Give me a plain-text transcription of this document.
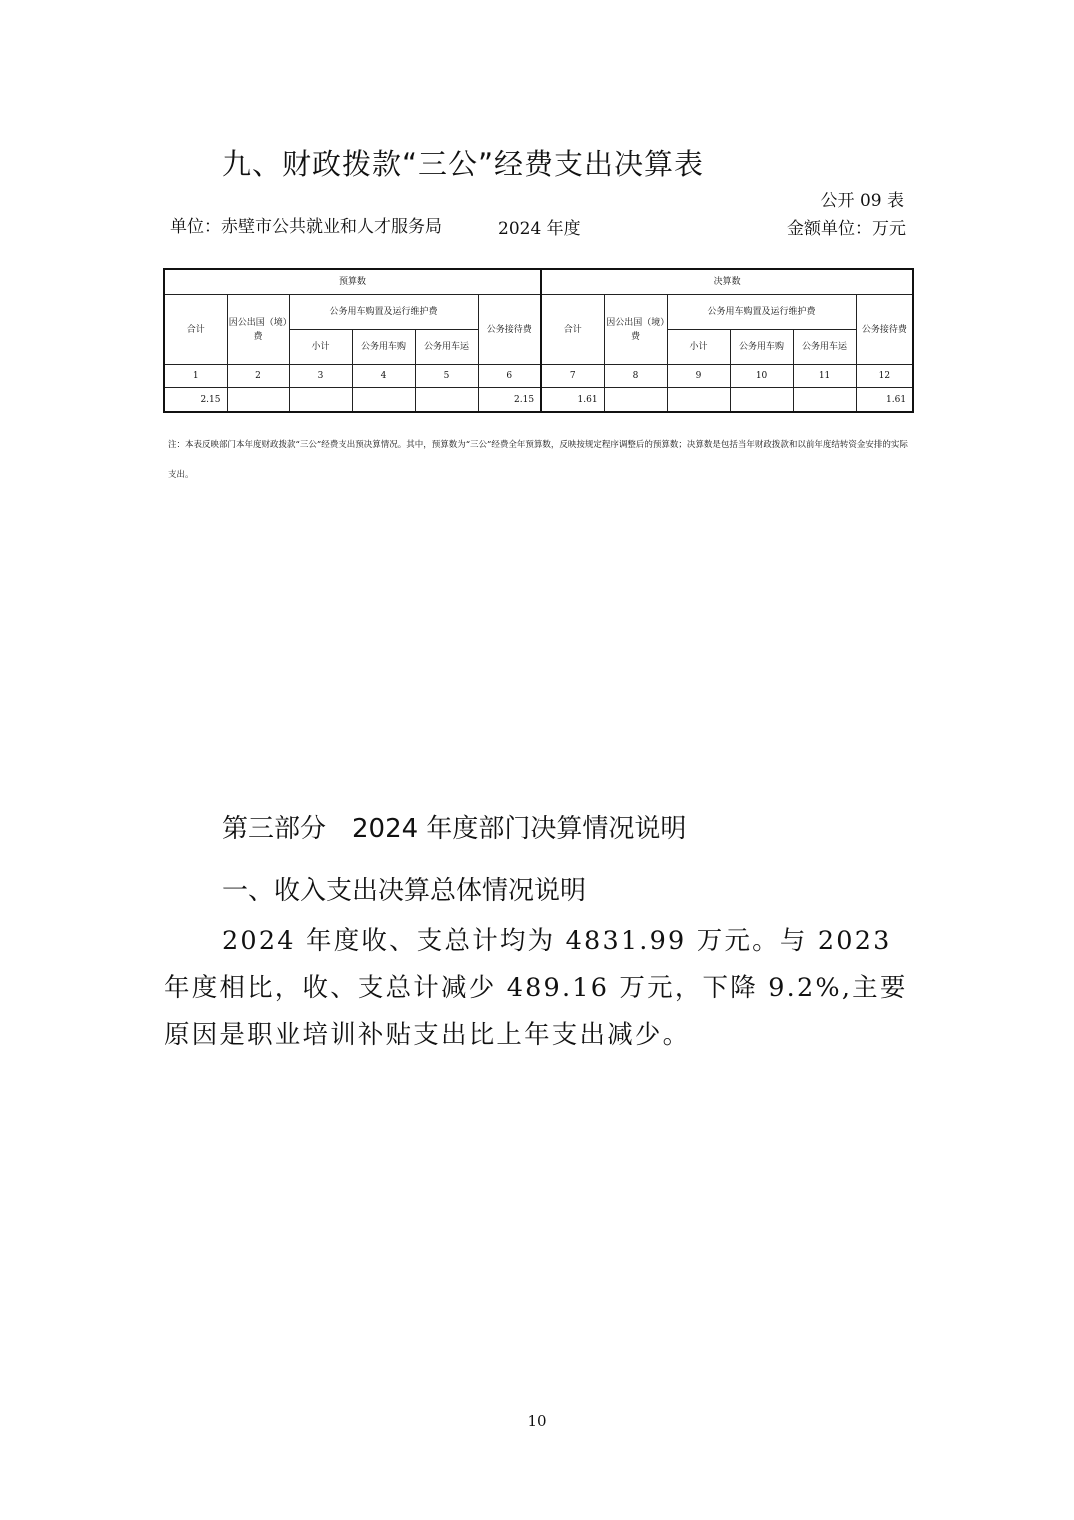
九、财政拨款“三公”经费支出决算表
公开 09 表
单位：赤壁市公共就业和人才服务局	2024 年度	金额单位：万元
预算数						决算数					
合计	因公出国（境）费	公务用车购置及运行维护费			公务接待费	合计	因公出国（境）费	公务用车购置及运行维护费			公务接待费
		小计	公务用车购	公务用车运				小计	公务用车购	公务用车运	
1	2	3	4	5	6	7	8	9	10	11	12
2.15					2.15	1.61					1.61
注：本表反映部门本年度财政拨款“三公”经费支出预决算情况。其中，预算数为“三公”经费全年预算数，反映按规定程序调整后的预算数；决算数是包括当年财政拨款和以前年度结转资金安排的实际支出。
第三部分　2024 年度部门决算情况说明
一、收入支出决算总体情况说明
2024 年度收、支总计均为 4831.99 万元。与 2023 年度相比，收、支总计减少 489.16 万元，下降 9.2%,主要原因是职业培训补贴支出比上年支出减少。
10
